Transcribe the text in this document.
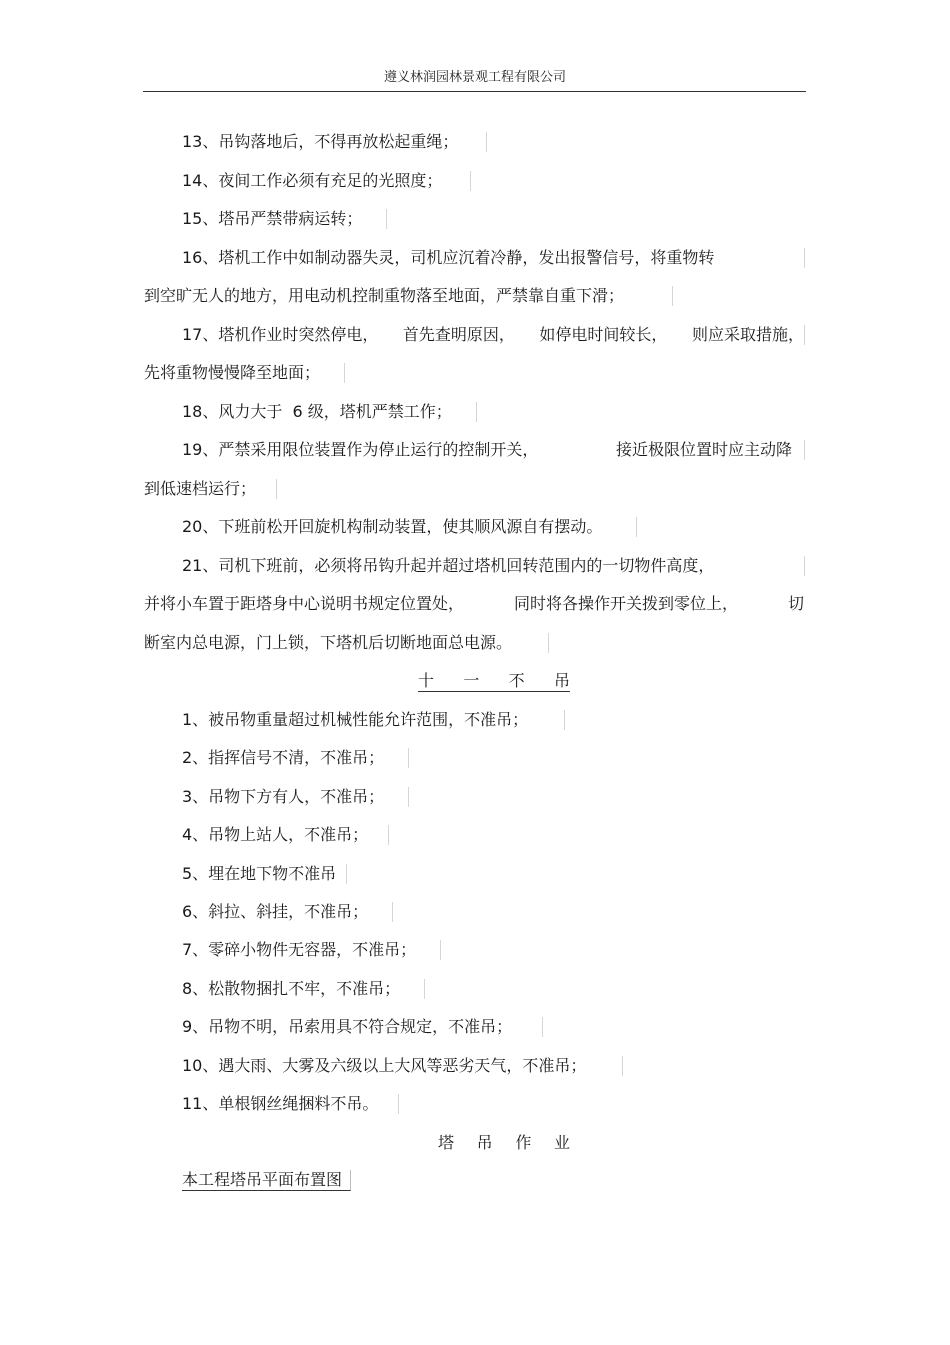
遵义林润园林景观工程有限公司
13、吊钩落地后，不得再放松起重绳；
14、夜间工作必须有充足的光照度；
15、塔吊严禁带病运转；
16、塔机工作中如制动器失灵，司机应沉着冷静，发出报警信号，将重物转
到空旷无人的地方，用电动机控制重物落至地面，严禁靠自重下滑；
17、塔机作业时突然停电， 首先查明原因， 如停电时间较长， 则应采取措施，
先将重物慢慢降至地面；
18、风力大于  6 级，塔机严禁工作；
19、严禁采用限位装置作为停止运行的控制开关，	接近极限位置时应主动降
到低速档运行；
20、下班前松开回旋机构制动装置，使其顺风源自有摆动。
21、司机下班前，必须将吊钩升起并超过塔机回转范围内的一切物件高度，
并将小车置于距塔身中心说明书规定位置处，	同时将各操作开关拨到零位上，	切
断室内总电源，门上锁，下塔机后切断地面总电源。
十 一 不 吊
1、被吊物重量超过机械性能允许范围，不准吊；
2、指挥信号不清，不准吊；
3、吊物下方有人，不准吊；
4、吊物上站人，不准吊；
5、埋在地下物不准吊
6、斜拉、斜挂，不准吊；
7、零碎小物件无容器，不准吊；
8、松散物捆扎不牢，不准吊；
9、吊物不明，吊索用具不符合规定，不准吊；
10、遇大雨、大雾及六级以上大风等恶劣天气，不准吊；
11、单根钢丝绳捆料不吊。
塔 吊 作 业
本工程塔吊平面布置图
